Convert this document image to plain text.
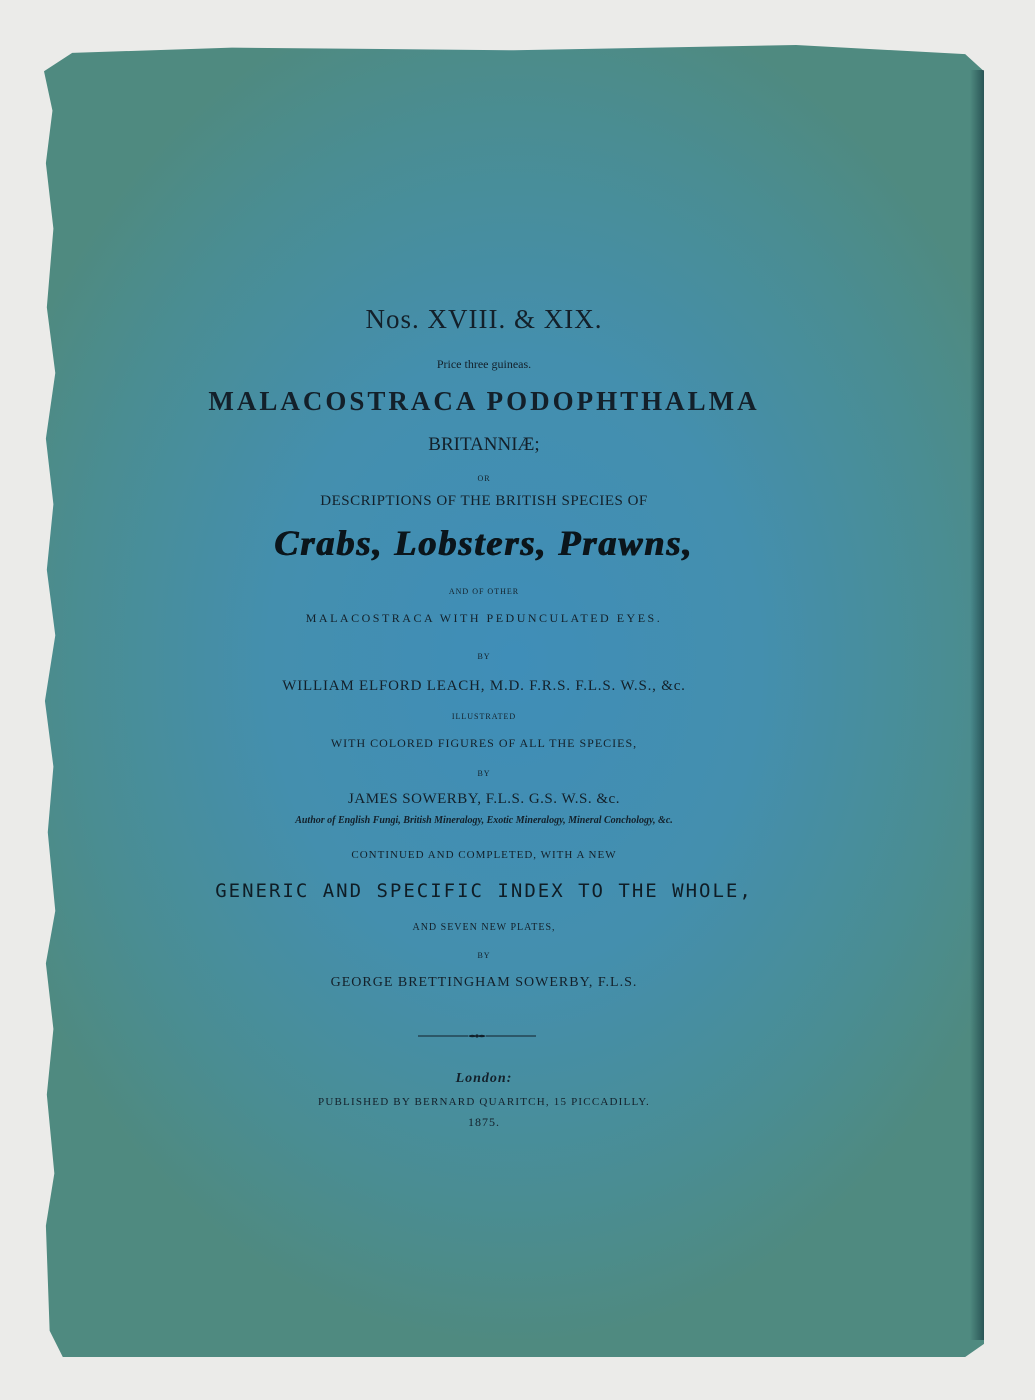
Nos. XVIII. & XIX.
Price three guineas.
MALACOSTRACA PODOPHTHALMA
BRITANNIÆ;
OR
DESCRIPTIONS OF THE BRITISH SPECIES OF
Crabs, Lobsters, Prawns,
AND OF OTHER
MALACOSTRACA WITH PEDUNCULATED EYES.
BY
WILLIAM ELFORD LEACH, M.D. F.R.S. F.L.S. W.S., &c.
ILLUSTRATED
WITH COLORED FIGURES OF ALL THE SPECIES,
BY
JAMES SOWERBY, F.L.S. G.S. W.S. &c.
Author of English Fungi, British Mineralogy, Exotic Mineralogy, Mineral Conchology, &c.
CONTINUED AND COMPLETED, WITH A NEW
GENERIC AND SPECIFIC INDEX TO THE WHOLE,
AND SEVEN NEW PLATES,
BY
GEORGE BRETTINGHAM SOWERBY, F.L.S.
London:
PUBLISHED BY BERNARD QUARITCH, 15 PICCADILLY.
1875.
